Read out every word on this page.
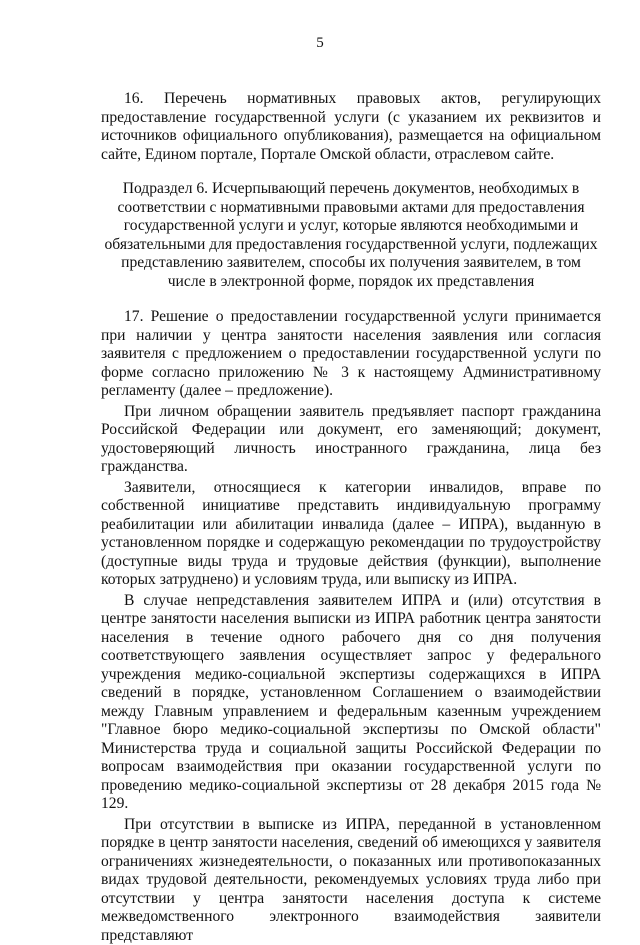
5

16. Перечень нормативных правовых актов, регулирующих предоставление государственной услуги (с указанием их реквизитов и источников официального опубликования), размещается на официальном сайте, Едином портале, Портале Омской области, отраслевом сайте.

Подраздел 6. Исчерпывающий перечень документов, необходимых в соответствии с нормативными правовыми актами для предоставления государственной услуги и услуг, которые являются необходимыми и обязательными для предоставления государственной услуги, подлежащих представлению заявителем, способы их получения заявителем, в том числе в электронной форме, порядок их представления

17. Решение о предоставлении государственной услуги принимается при наличии у центра занятости населения заявления или согласия заявителя с предложением о предоставлении государственной услуги по форме согласно приложению № 3 к настоящему Административному регламенту (далее – предложение).

При личном обращении заявитель предъявляет паспорт гражданина Российской Федерации или документ, его заменяющий; документ, удостоверяющий личность иностранного гражданина, лица без гражданства.

Заявители, относящиеся к категории инвалидов, вправе по собственной инициативе представить индивидуальную программу реабилитации или абилитации инвалида (далее – ИПРА), выданную в установленном порядке и содержащую рекомендации по трудоустройству (доступные виды труда и трудовые действия (функции), выполнение которых затруднено) и условиям труда, или выписку из ИПРА.

В случае непредставления заявителем ИПРА и (или) отсутствия в центре занятости населения выписки из ИПРА работник центра занятости населения в течение одного рабочего дня со дня получения соответствующего заявления осуществляет запрос у федерального учреждения медико-социальной экспертизы содержащихся в ИПРА сведений в порядке, установленном Соглашением о взаимодействии между Главным управлением и федеральным казенным учреждением "Главное бюро медико-социальной экспертизы по Омской области" Министерства труда и социальной защиты Российской Федерации по вопросам взаимодействия при оказании государственной услуги по проведению медико-социальной экспертизы от 28 декабря 2015 года № 129.

При отсутствии в выписке из ИПРА, переданной в установленном порядке в центр занятости населения, сведений об имеющихся у заявителя ограничениях жизнедеятельности, о показанных или противопоказанных видах трудовой деятельности, рекомендуемых условиях труда либо при отсутствии у центра занятости населения доступа к системе межведомственного электронного взаимодействия заявители представляют
